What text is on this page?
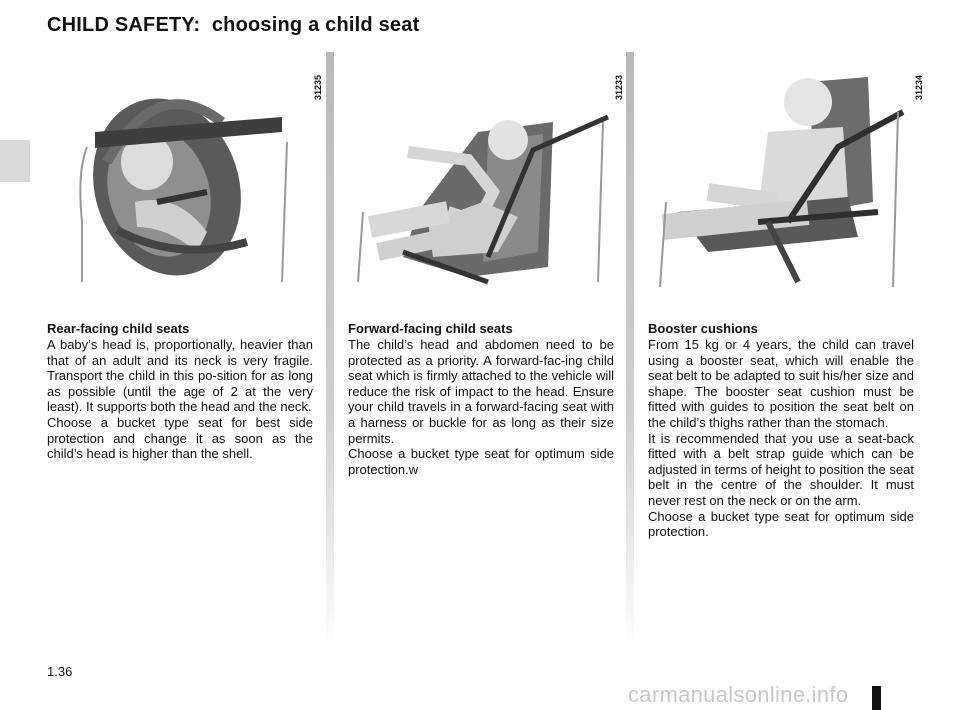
CHILD SAFETY:  choosing a child seat
31235
Rear-facing child seats

A baby’s head is, proportionally, heavier than that of an adult and its neck is very fragile. Transport the child in this po-sition for as long as possible (until the age of 2 at the very least). It supports both the head and the neck.

Choose a bucket type seat for best side protection and change it as soon as the child’s head is higher than the shell.

31233
Forward-facing child seats

The child’s head and abdomen need to be protected as a priority. A forward-fac-ing child seat which is firmly attached to the vehicle will reduce the risk of impact to the head. Ensure your child travels in a forward-facing seat with a harness or buckle for as long as their size permits.

Choose a bucket type seat for optimum side protection.w

31234
Booster cushions

From 15 kg or 4 years, the child can travel using a booster seat, which will enable the seat belt to be adapted to suit his/her size and shape. The booster seat cushion must be fitted with guides to position the seat belt on the child’s thighs rather than the stomach.

It is recommended that you use a seat-back fitted with a belt strap guide which can be adjusted in terms of height to position the seat belt in the centre of the shoulder. It must never rest on the neck or on the arm.

Choose a bucket type seat for optimum side protection.

1.36
carmanualsonline.info
